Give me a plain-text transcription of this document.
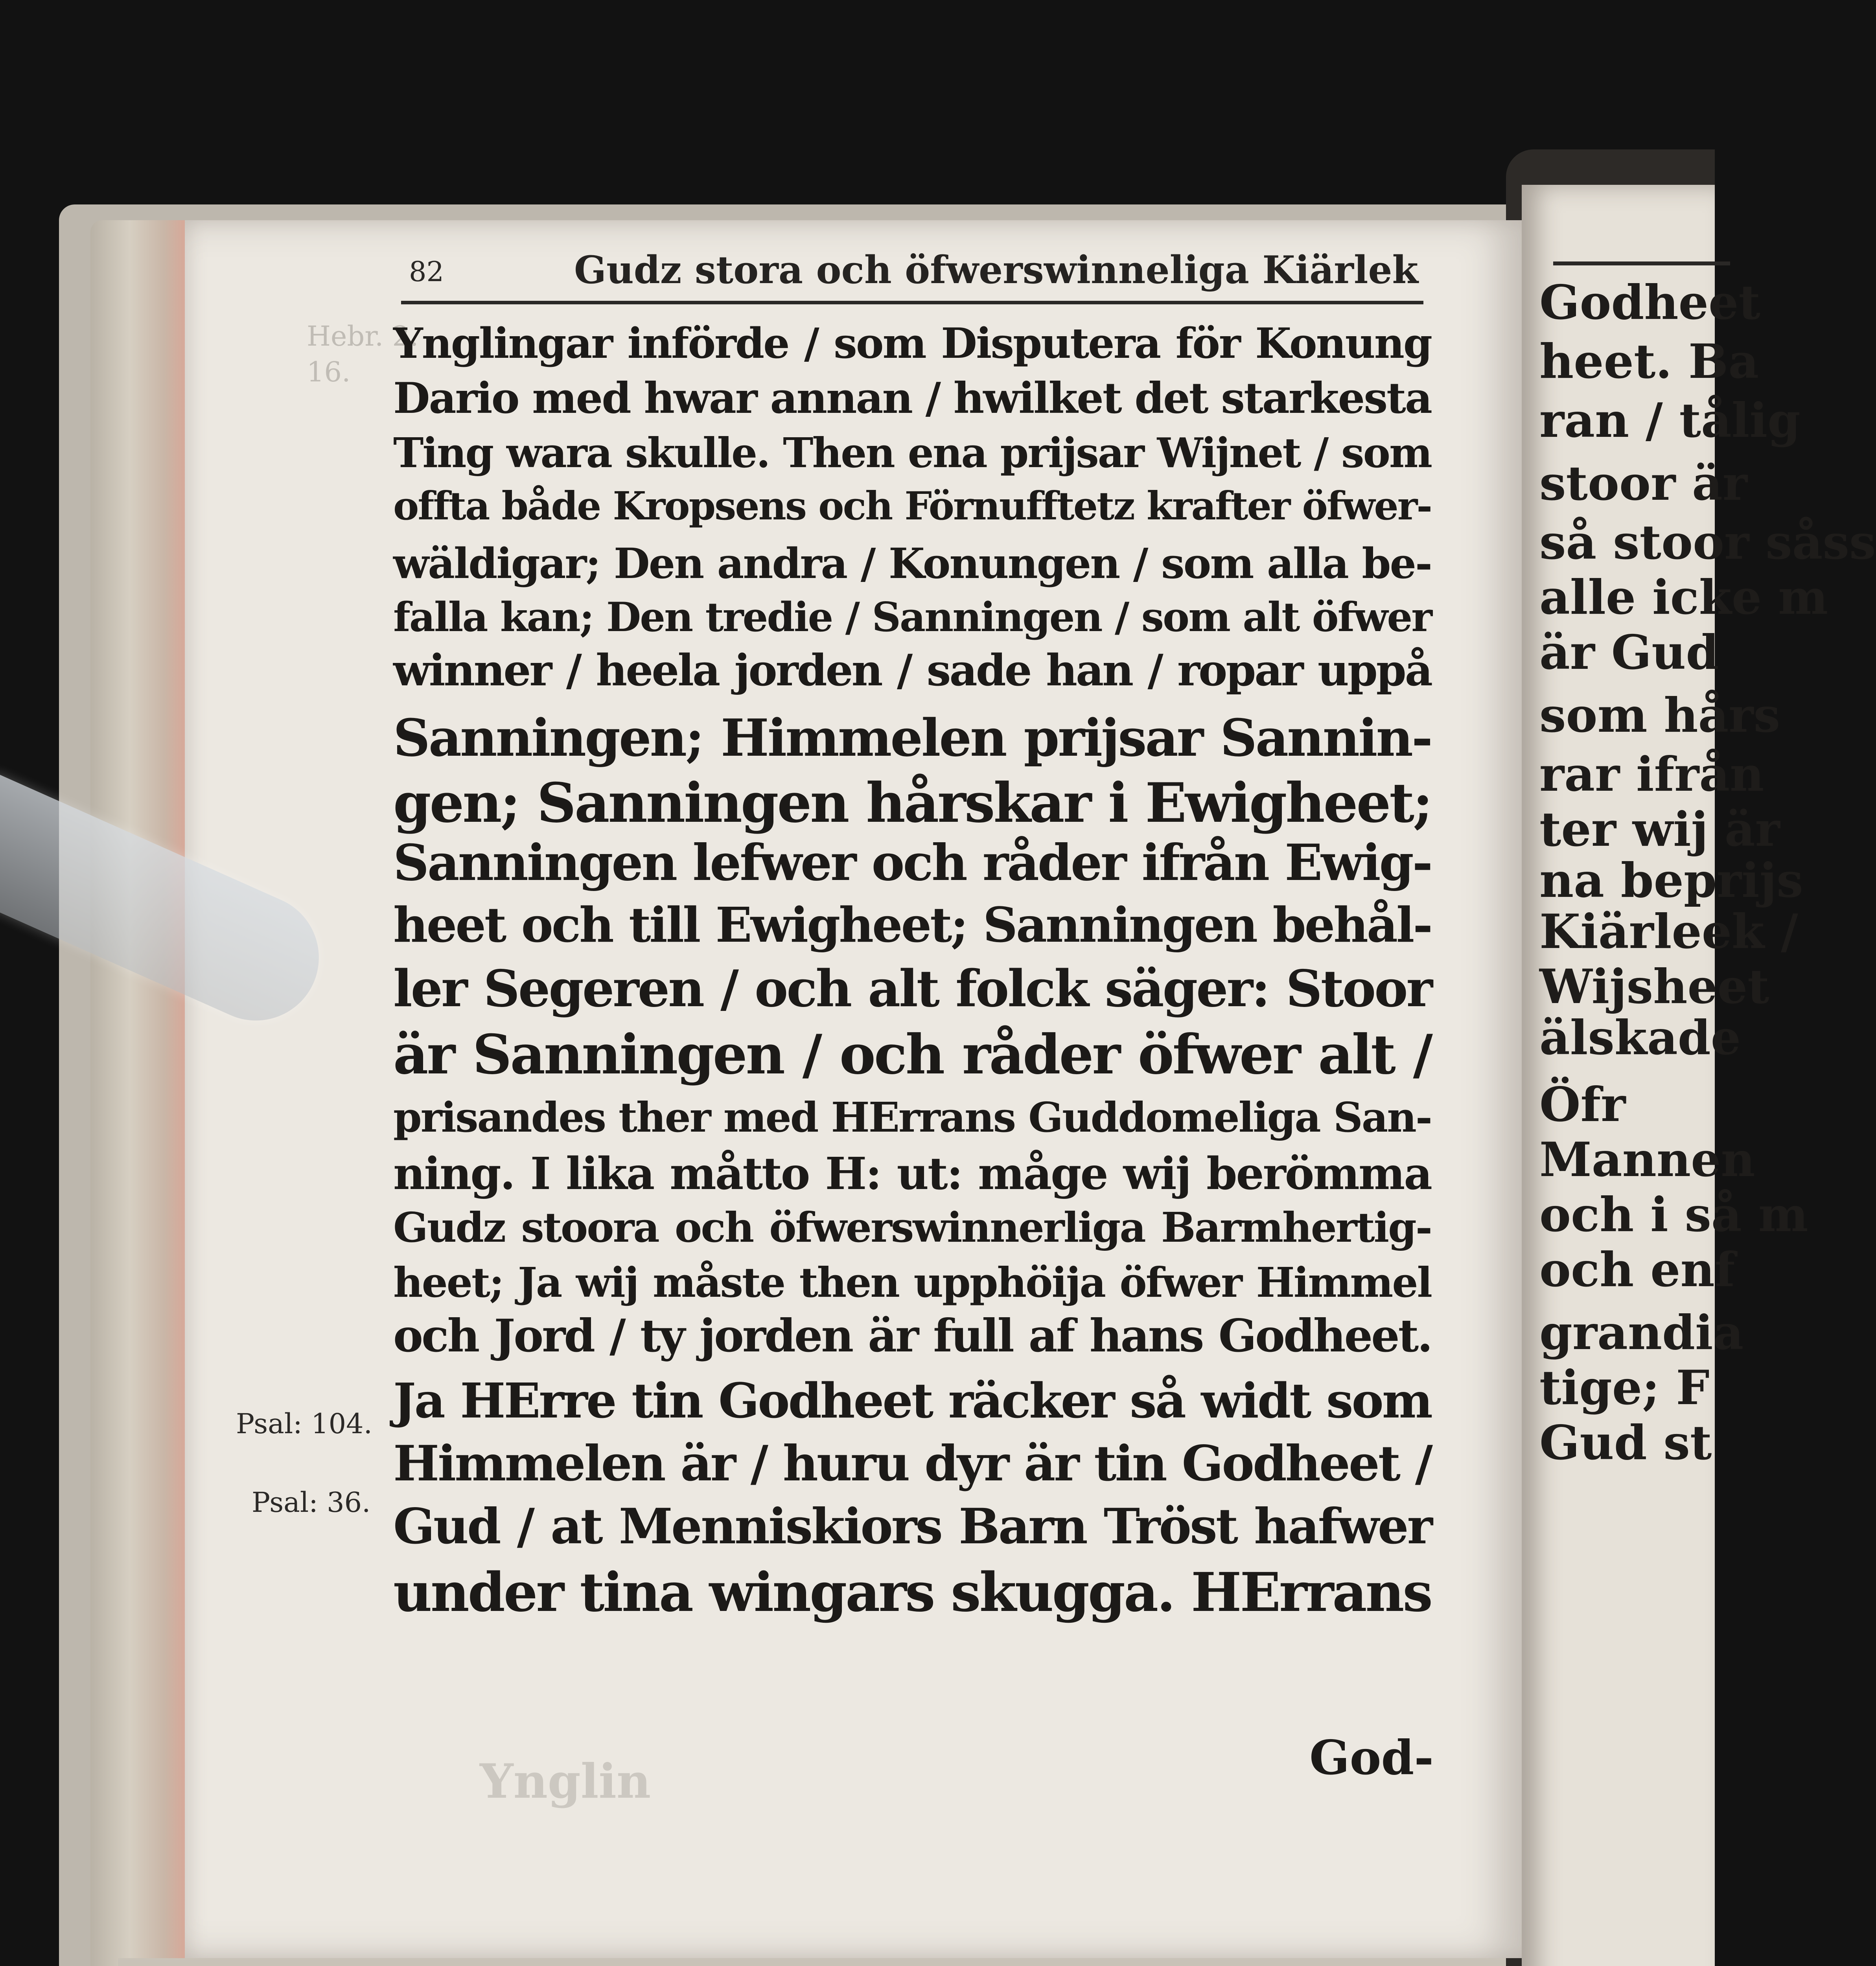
Godheet
heet. Ba
ran / tålig
stoor är
så stoor såss
alle icke m
är Gud
som hårs
rar ifrån
ter wij är
na beprijs
Kiärleek /
Wijsheet
älskade
Öfr
Mannen
och i så m
och enf
grandia
tige; F
Gud st
Hebr. 2.
16.
Ynglin
82	Gudz stora och öfwerswinneliga Kiärlek
Ynglingar införde / som Disputera för Konung
Dario med hwar annan / hwilket det starkesta
Ting wara skulle. Then ena prijsar Wijnet / som
offta både Kropsens och Förnufftetz krafter öfwer-
wäldigar; Den andra / Konungen / som alla be-
falla kan; Den tredie / Sanningen / som alt öfwer
winner / heela jorden / sade han / ropar uppå
Sanningen; Himmelen prijsar Sannin-
gen; Sanningen hårskar i Ewigheet;
Sanningen lefwer och råder ifrån Ewig-
heet och till Ewigheet; Sanningen behål-
ler Segeren / och alt folck säger: Stoor
är Sanningen / och råder öfwer alt /
prisandes ther med HErrans Guddomeliga San-
ning. I lika måtto H: ut: måge wij berömma
Gudz stoora och öfwerswinnerliga Barmhertig-
heet; Ja wij måste then upphöija öfwer Himmel
och Jord / ty jorden är full af hans Godheet.
Ja HErre tin Godheet räcker så widt som
Himmelen är / huru dyr är tin Godheet /
Gud / at Menniskiors Barn Tröst hafwer
under tina wingars skugga. HErrans
Psal: 104.
Psal: 36.
God-
